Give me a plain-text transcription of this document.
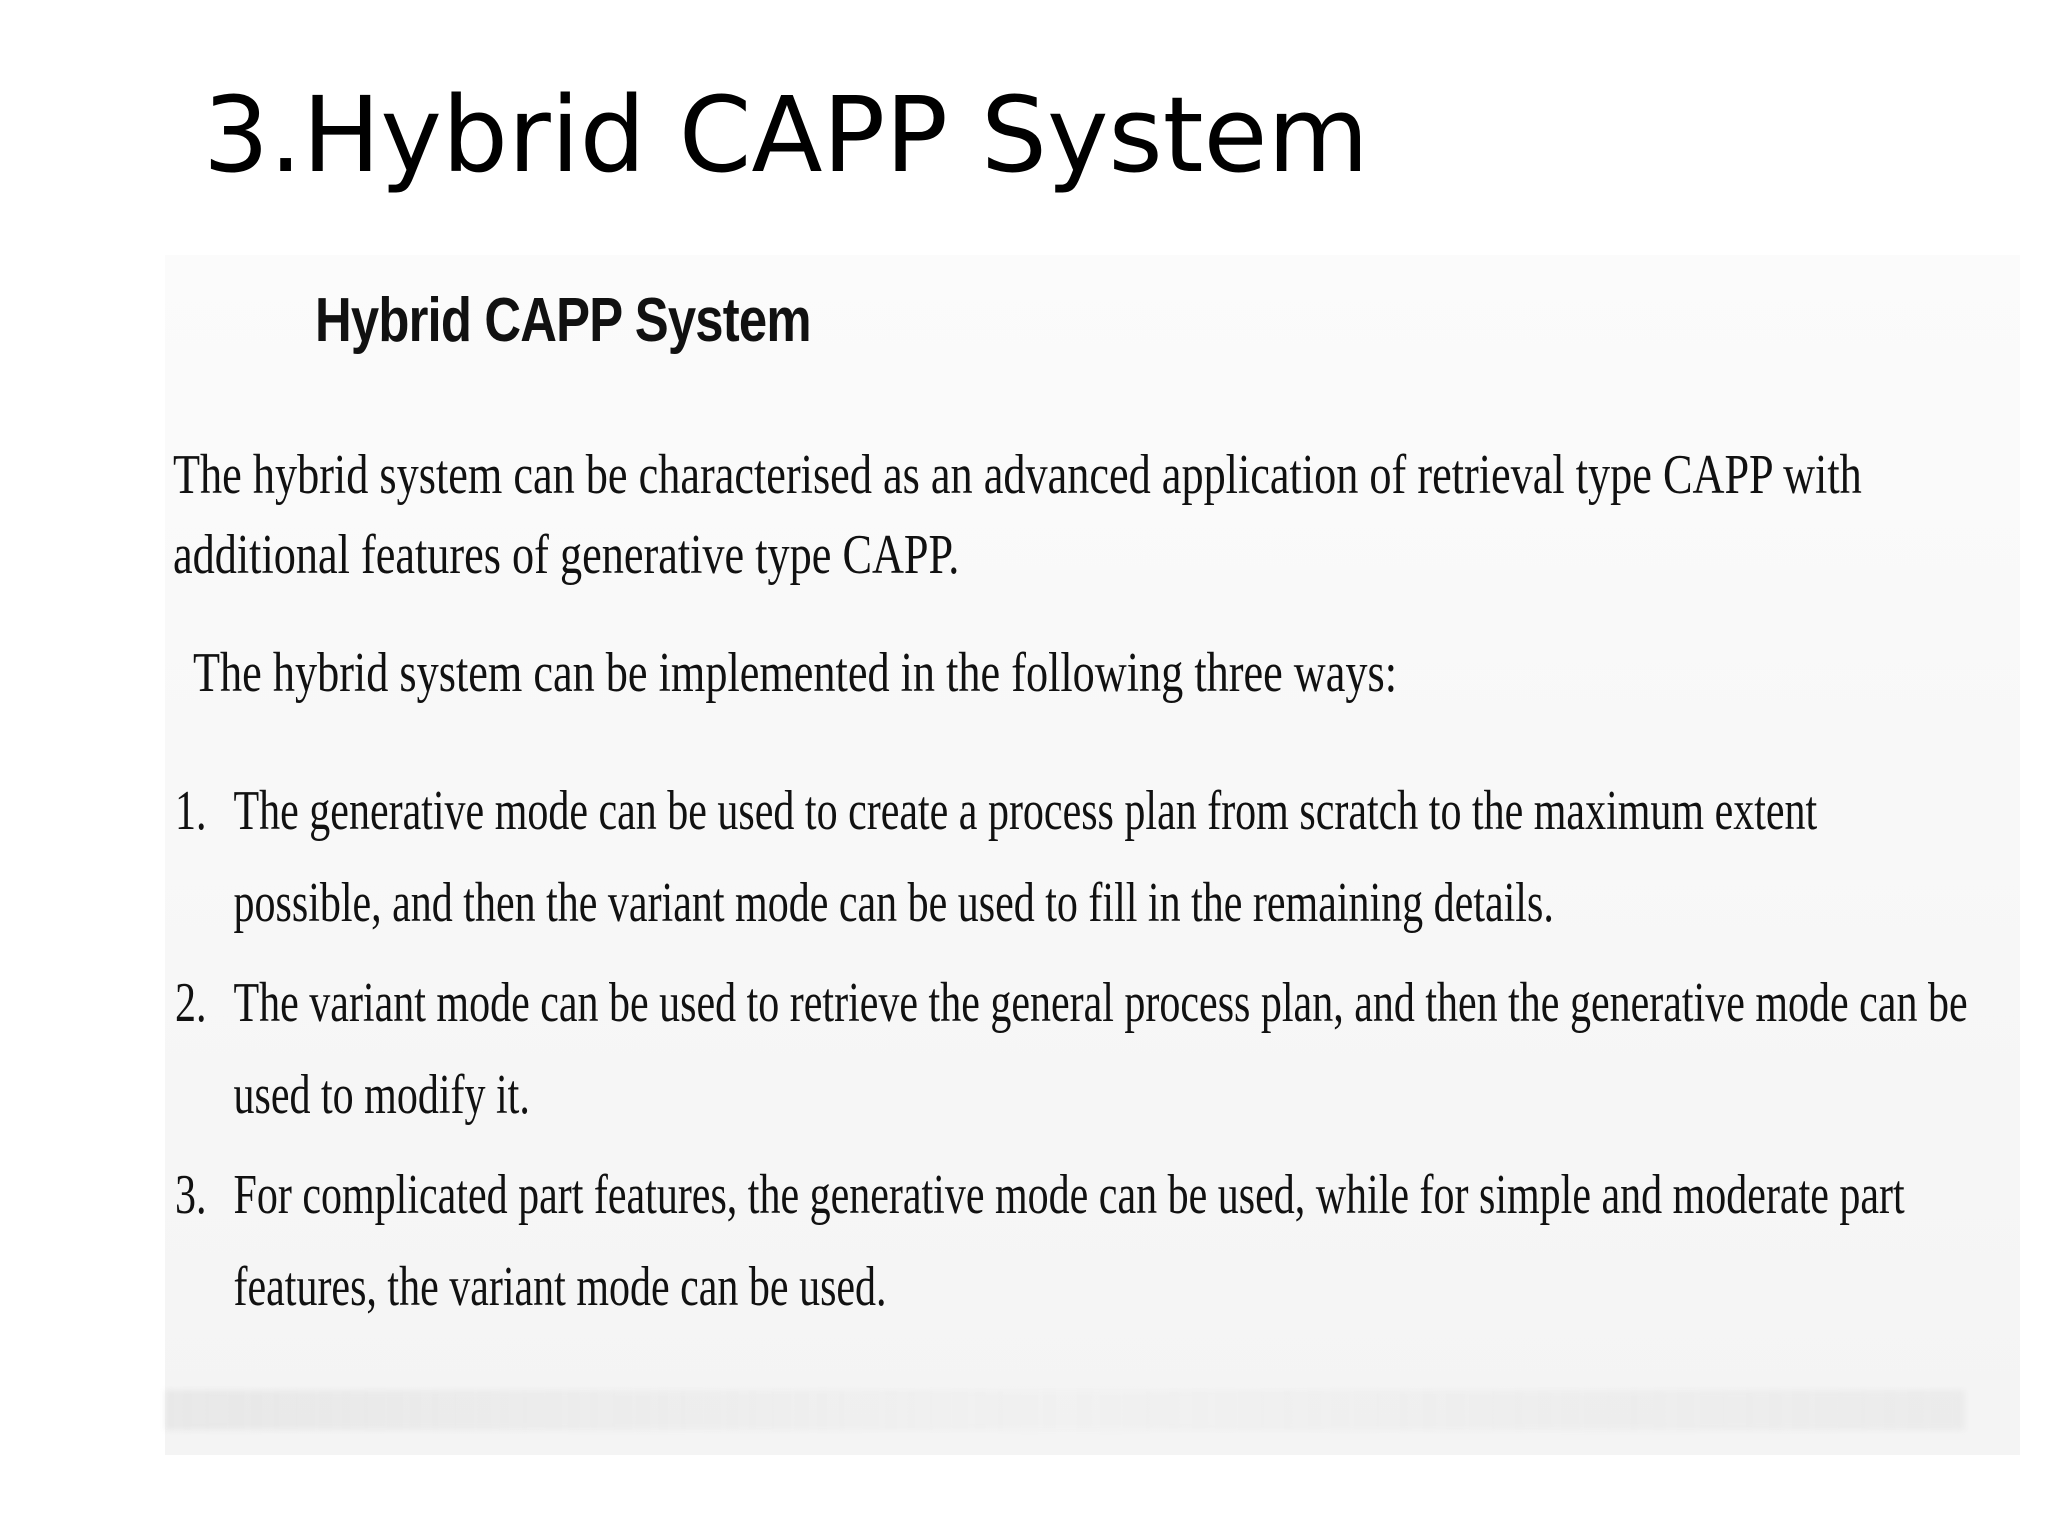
3.Hybrid CAPP System
Hybrid CAPP System

The hybrid system can be characterised as an advanced application of retrieval type CAPP with additional features of generative type CAPP.

The hybrid system can be implemented in the following three ways:

1. The generative mode can be used to create a process plan from scratch to the maximum extent possible, and then the variant mode can be used to fill in the remaining details.
2. The variant mode can be used to retrieve the general process plan, and then the generative mode can be used to modify it.
3. For complicated part features, the generative mode can be used, while for simple and moderate part features, the variant mode can be used.
